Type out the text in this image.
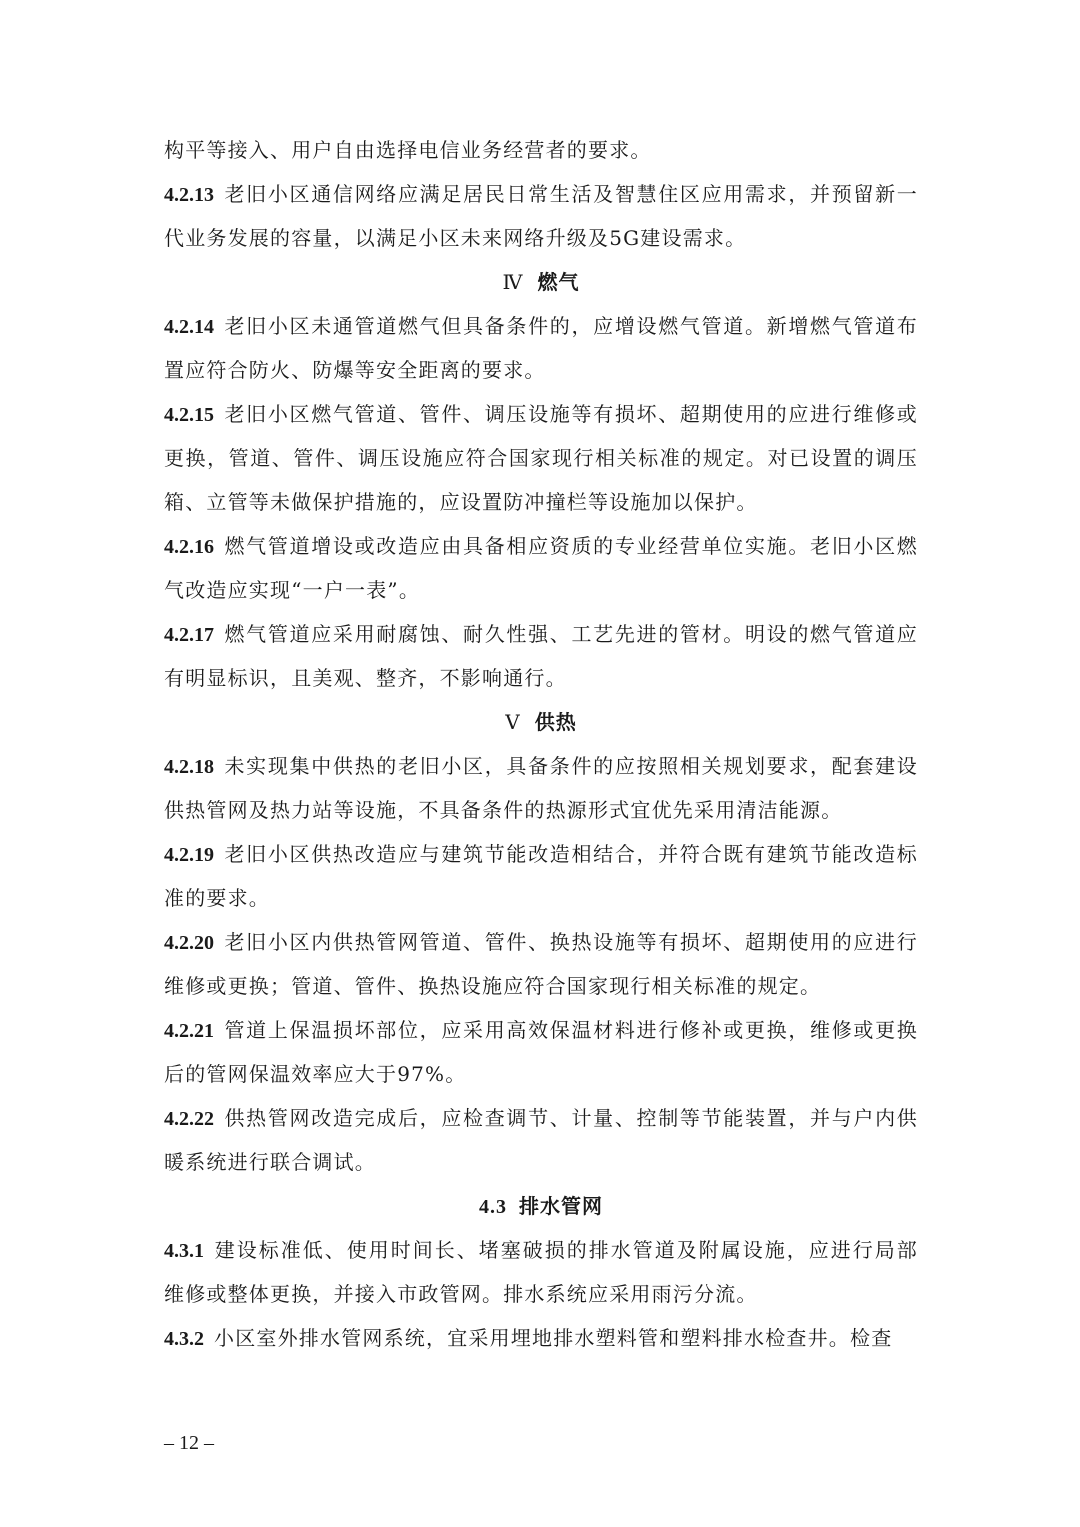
构平等接入、用户自由选择电信业务经营者的要求。
4.2.13 老旧小区通信网络应满足居民日常生活及智慧住区应用需求，并预留新一
代业务发展的容量，以满足小区未来网络升级及5G建设需求。
Ⅳ 燃气
4.2.14 老旧小区未通管道燃气但具备条件的，应增设燃气管道。新增燃气管道布
置应符合防火、防爆等安全距离的要求。
4.2.15 老旧小区燃气管道、管件、调压设施等有损坏、超期使用的应进行维修或
更换，管道、管件、调压设施应符合国家现行相关标准的规定。对已设置的调压
箱、立管等未做保护措施的，应设置防冲撞栏等设施加以保护。
4.2.16 燃气管道增设或改造应由具备相应资质的专业经营单位实施。老旧小区燃
气改造应实现“一户一表”。
4.2.17 燃气管道应采用耐腐蚀、耐久性强、工艺先进的管材。明设的燃气管道应
有明显标识，且美观、整齐，不影响通行。
Ⅴ 供热
4.2.18 未实现集中供热的老旧小区，具备条件的应按照相关规划要求，配套建设
供热管网及热力站等设施，不具备条件的热源形式宜优先采用清洁能源。
4.2.19 老旧小区供热改造应与建筑节能改造相结合，并符合既有建筑节能改造标
准的要求。
4.2.20 老旧小区内供热管网管道、管件、换热设施等有损坏、超期使用的应进行
维修或更换；管道、管件、换热设施应符合国家现行相关标准的规定。
4.2.21 管道上保温损坏部位，应采用高效保温材料进行修补或更换，维修或更换
后的管网保温效率应大于97%。
4.2.22 供热管网改造完成后，应检查调节、计量、控制等节能装置，并与户内供
暖系统进行联合调试。
4.3 排水管网
4.3.1 建设标准低、使用时间长、堵塞破损的排水管道及附属设施，应进行局部
维修或整体更换，并接入市政管网。排水系统应采用雨污分流。
4.3.2 小区室外排水管网系统，宜采用埋地排水塑料管和塑料排水检查井。检查
– 12 –
